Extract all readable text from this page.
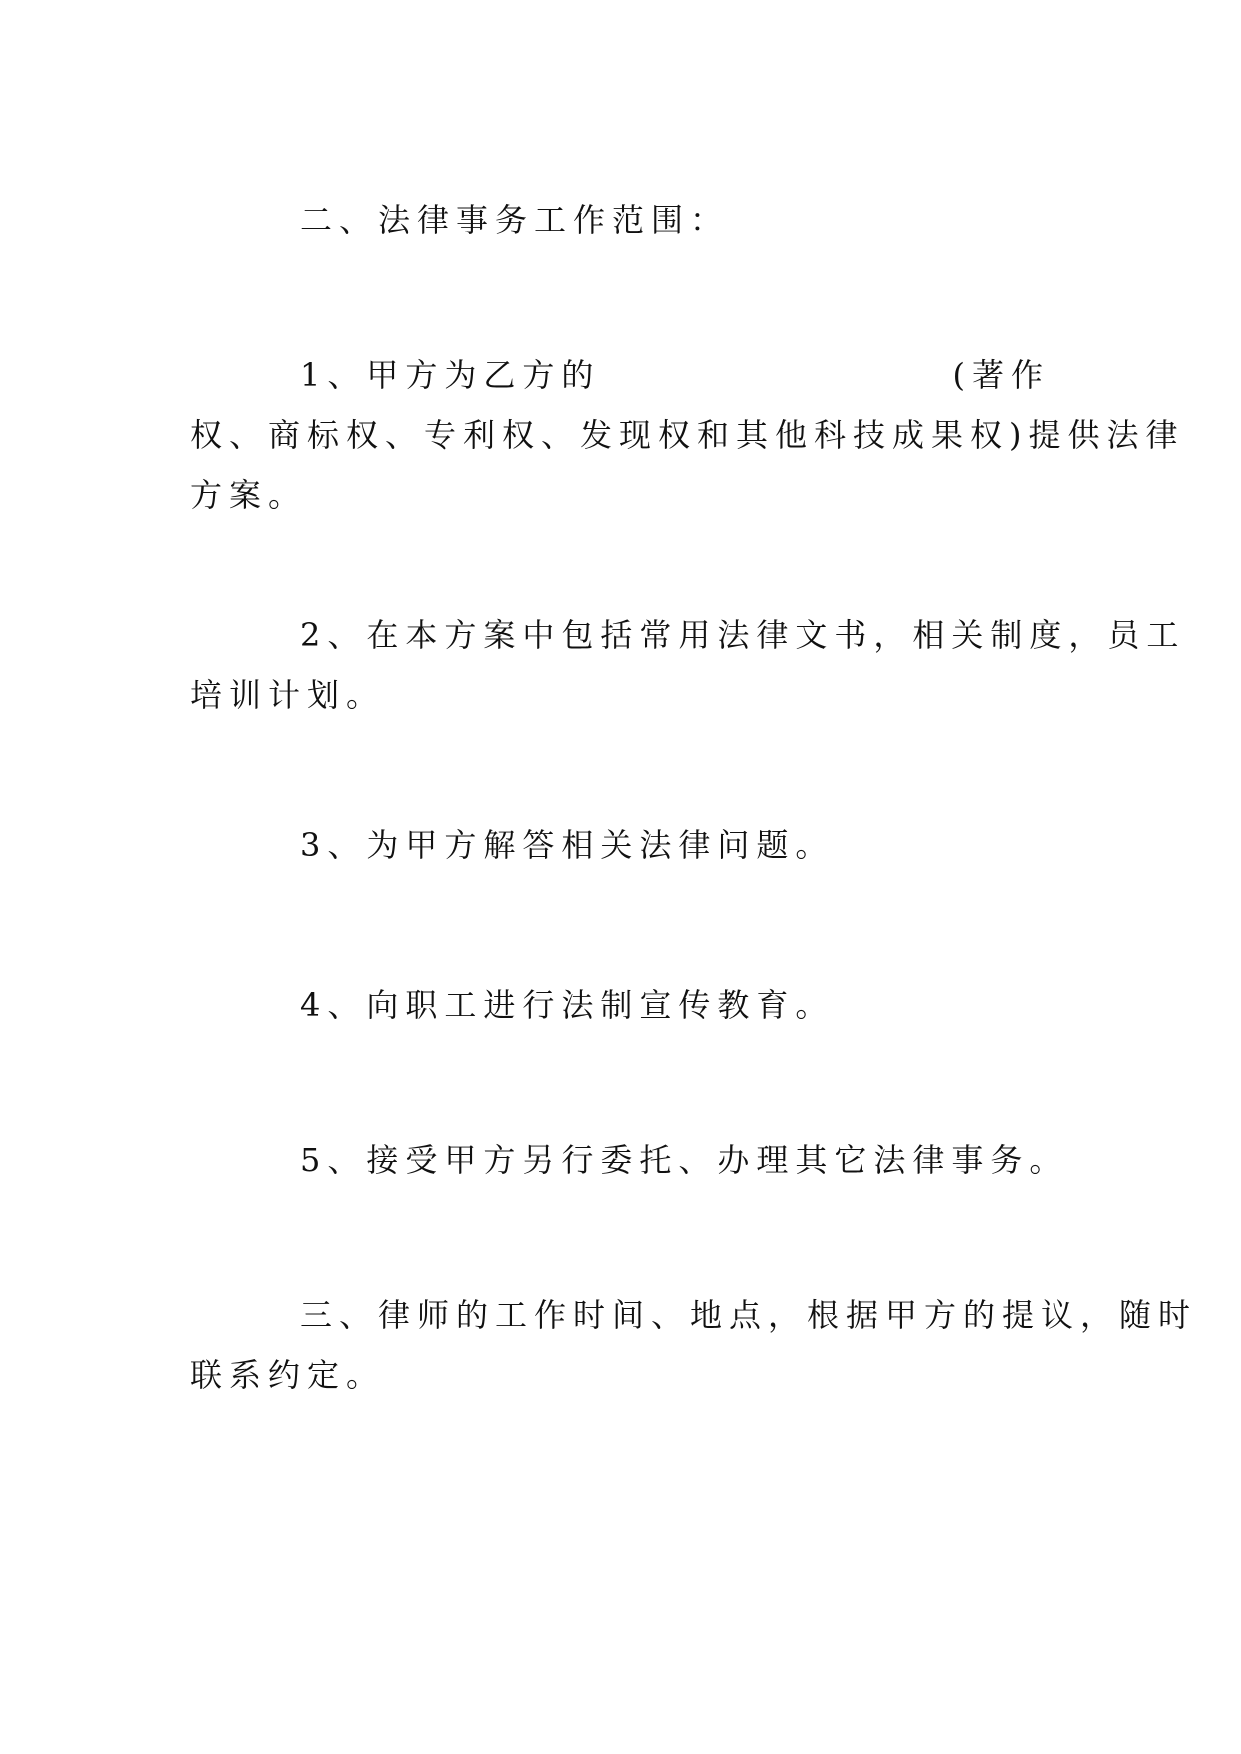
二、法律事务工作范围：
1、甲方为乙方的	(著作
权、商标权、专利权、发现权和其他科技成果权)提供法律
方案。
2、在本方案中包括常用法律文书，相关制度，员工
培训计划。
3、为甲方解答相关法律问题。
4、向职工进行法制宣传教育。
5、接受甲方另行委托、办理其它法律事务。
三、律师的工作时间、地点，根据甲方的提议，随时
联系约定。
